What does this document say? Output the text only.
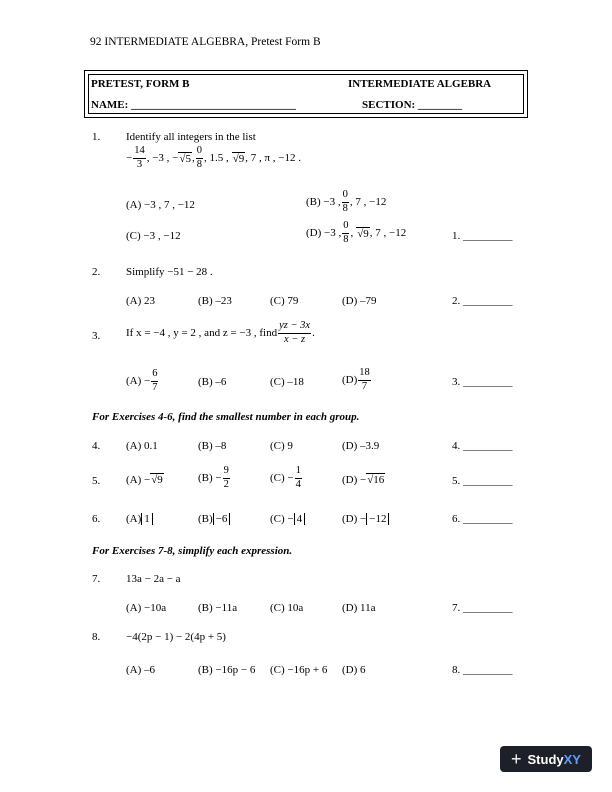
92 INTERMEDIATE ALGEBRA, Pretest Form B
PRETEST, FORM B	INTERMEDIATE ALGEBRA
NAME: ______________________________	SECTION: ________
1. Identify all integers in the list
− $\frac{14}{3}$ , −3 , − √5 , $\frac{0}{8}$ , 1.5 , √9 , 7 , π , −12 .
(A) −3 , 7 , −12	(B) −3 , $\frac{0}{8}$ , 7 , −12
(C) −3 , −12	(D) −3 , $\frac{0}{8}$ , √9 , 7 , −12	1. _________
2. Simplify −51 − 28 .
(A) 23	(B) –23	(C) 79	(D) –79	2. _________
3. If x = −4 , y = 2 , and z = −3 , find $\frac{yz - 3x}{x - z}$ .
$(A) - \frac{6}{7}$	(B) –6	(C) –18	$(D) \frac{18}{7}$	3. _________
For Exercises 4-6, find the smallest number in each group.
4. (A) 0.1	(B) –8	(C) 9	(D) –3.9	4. _________
5. (A) − √9	$(B) - \frac{9}{2}$	$(C) - \frac{1}{4}$	(D) − √16	5. _________
6. (A) 1	(B) −6	(C) − 4	(D) − −12	6. _________
For Exercises 7-8, simplify each expression.
7. 13a − 2a − a
(A) −10a	(B) −11a	(C) 10a	(D) 11a	7. _________
8. −4(2p − 1) − 2(4p + 5)
(A) –6	(B) −16p − 6 (C) −16p + 6 (D) 6	8. _________
+ StudyXY
